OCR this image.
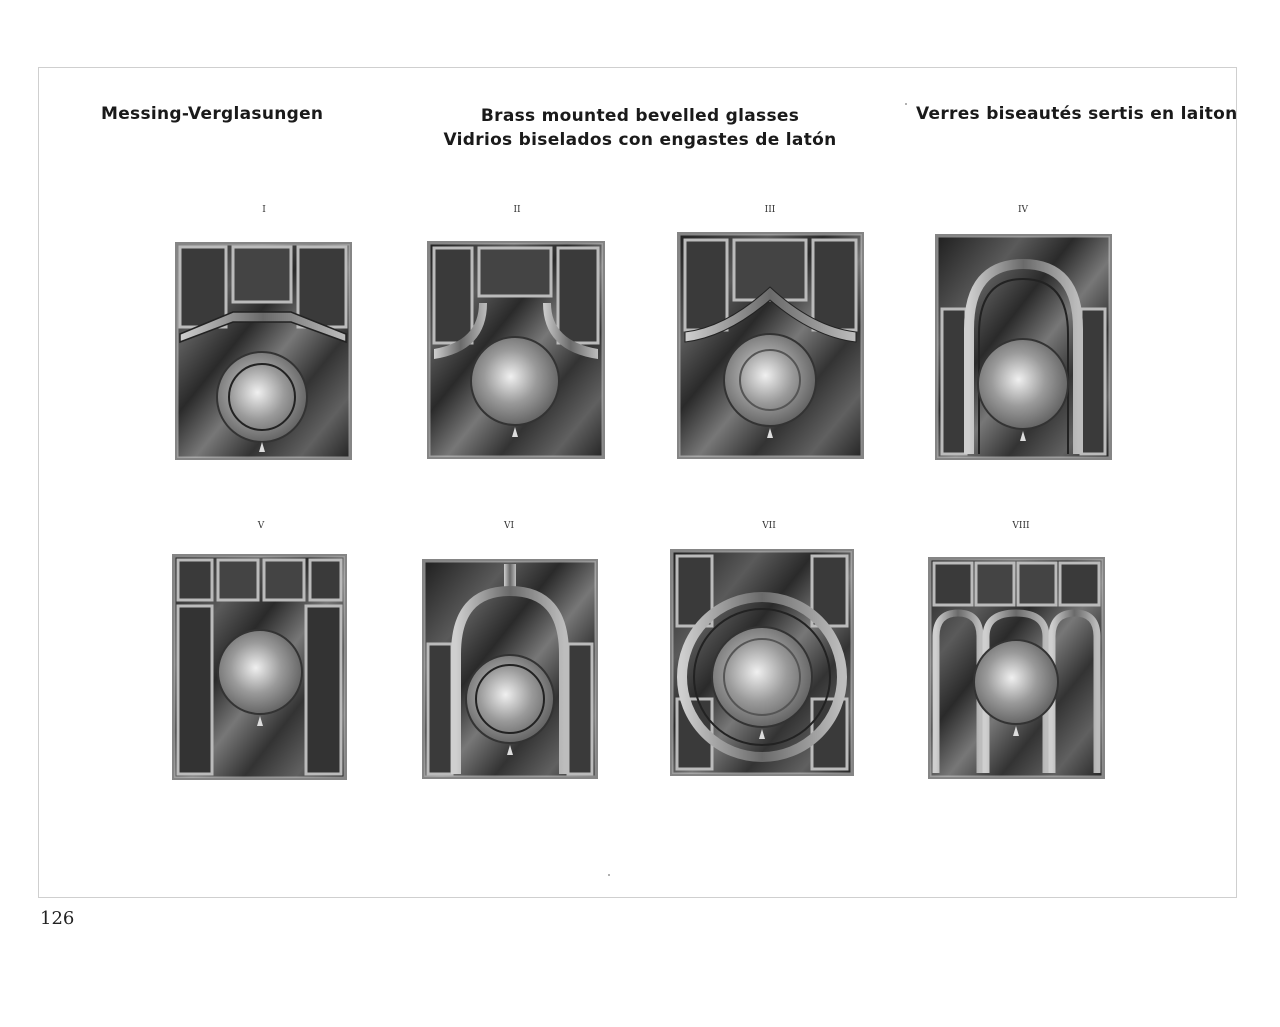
Messing-Verglasungen	Brass mounted bevelled glasses
Vidrios biselados con engastes de latón
Verres biseautés sertis en laiton
I	II	III	IV
V	VI	VII	VIII
126
